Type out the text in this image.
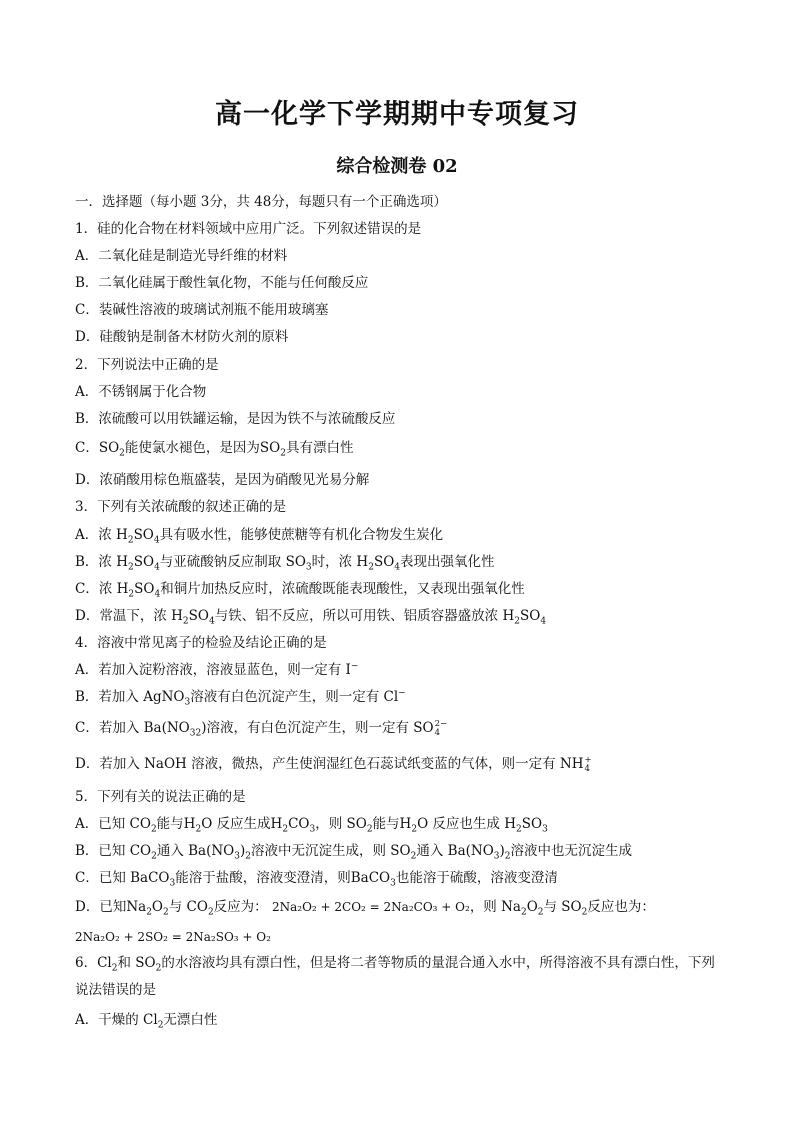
高一化学下学期期中专项复习
综合检测卷 02
一．选择题（每小题 3分，共 48分，每题只有一个正确选项）
1．硅的化合物在材料领域中应用广泛。下列叙述错误的是
A．二氧化硅是制造光导纤维的材料
B．二氧化硅属于酸性氧化物，不能与任何酸反应
C．装碱性溶液的玻璃试剂瓶不能用玻璃塞
D．硅酸钠是制备木材防火剂的原料
2．下列说法中正确的是
A．不锈钢属于化合物
B．浓硫酸可以用铁罐运输，是因为铁不与浓硫酸反应
C．$SO_2$能使氯水褪色，是因为$SO_2$具有漂白性
D．浓硝酸用棕色瓶盛装，是因为硝酸见光易分解
3．下列有关浓硫酸的叙述正确的是
A．浓 $H_2SO_4$具有吸水性，能够使蔗糖等有机化合物发生炭化
B．浓 $H_2SO_4$与亚硫酸钠反应制取 $SO_3$时，浓 $H_2SO_4$表现出强氧化性
C．浓 $H_2SO_4$和铜片加热反应时，浓硫酸既能表现酸性，又表现出强氧化性
D．常温下，浓 $H_2SO_4$与铁、铝不反应，所以可用铁、铝质容器盛放浓 $H_2SO_4$
4．溶液中常见离子的检验及结论正确的是
A．若加入淀粉溶液，溶液显蓝色，则一定有 I−
B．若加入 AgNO$_3$溶液有白色沉淀产生，则一定有 Cl−
C．若加入 $Ba(NO_{32})$溶液，有白色沉淀产生，则一定有 SO 2−
4
D．若加入 NaOH 溶液，微热，产生使润湿红色石蕊试纸变蓝的气体，则一定有 NH +
4
5．下列有关的说法正确的是
A．已知 $CO_2$能与$H_2O$ 反应生成$H_2CO_3$，则 $SO_2$能与$H_2O$ 反应也生成 $H_2SO_3$
B．已知 $CO_2$通入 $Ba(NO_3)_2$溶液中无沉淀生成，则 $SO_2$通入 $Ba(NO_3)_2$溶液中也无沉淀生成
C．已知 BaCO$_3$能溶于盐酸，溶液变澄清，则BaCO$_3$也能溶于硫酸，溶液变澄清
D．已知$Na_2O_2$与 $CO_2$反应为： 2Na₂O₂ + 2CO₂ = 2Na₂CO₃ + O₂，则 $Na_2O_2$与 $SO_2$反应也为：
2Na₂O₂ + 2SO₂ = 2Na₂SO₃ + O₂
6．$Cl_2$和 $SO_2$的水溶液均具有漂白性，但是将二者等物质的量混合通入水中，所得溶液不具有漂白性，下列说法错误的是
A．干燥的 $Cl_2$无漂白性
